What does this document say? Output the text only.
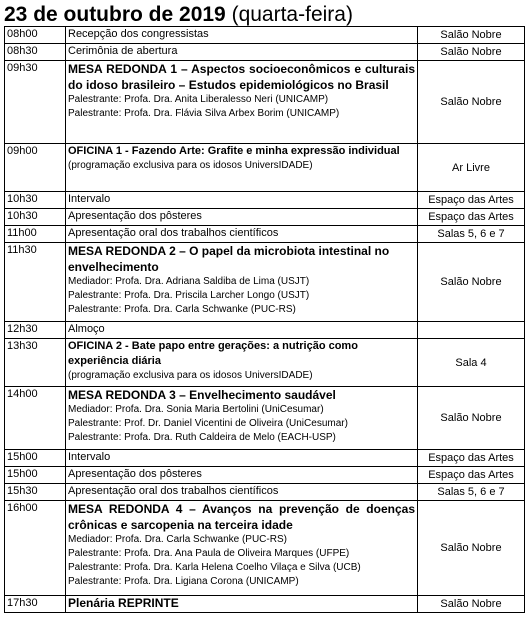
23 de outubro de 2019 (quarta-feira)
08h00	Recepção dos congressistas	Salão Nobre
08h30	Cerimônia de abertura	Salão Nobre
09h30	MESA REDONDA 1 – Aspectos socioeconômicos e culturais do idoso brasileiro – Estudos epidemiológicos no Brasil
Palestrante: Profa. Dra. Anita Liberalesso Neri (UNICAMP)
Palestrante: Profa. Dra. Flávia Silva Arbex Borim (UNICAMP)	Salão Nobre
09h00	OFICINA 1 - Fazendo Arte: Grafite e minha expressão individual
(programação exclusiva para os idosos UniversIDADE)	Ar Livre
10h30	Intervalo	Espaço das Artes
10h30	Apresentação dos pôsteres	Espaço das Artes
11h00	Apresentação oral dos trabalhos científicos	Salas 5, 6 e 7
11h30	MESA REDONDA 2 – O papel da microbiota intestinal no envelhecimento
Mediador: Profa. Dra. Adriana Saldiba de Lima (USJT)
Palestrante: Profa. Dra. Priscila Larcher Longo (USJT)
Palestrante: Profa. Dra. Carla Schwanke (PUC-RS)	Salão Nobre
12h30	Almoço	
13h30	OFICINA 2 - Bate papo entre gerações: a nutrição como experiência diária
(programação exclusiva para os idosos UniversIDADE)	Sala 4
14h00	MESA REDONDA 3 – Envelhecimento saudável
Mediador: Profa. Dra. Sonia Maria Bertolini (UniCesumar)
Palestrante: Prof. Dr. Daniel Vicentini de Oliveira (UniCesumar)
Palestrante: Profa. Dra. Ruth Caldeira de Melo (EACH-USP)	Salão Nobre
15h00	Intervalo	Espaço das Artes
15h00	Apresentação dos pôsteres	Espaço das Artes
15h30	Apresentação oral dos trabalhos científicos	Salas 5, 6 e 7
16h00	MESA REDONDA 4 – Avanços na prevenção de doenças crônicas e sarcopenia na terceira idade
Mediador: Profa. Dra. Carla Schwanke (PUC-RS)
Palestrante: Profa. Dra. Ana Paula de Oliveira Marques (UFPE)
Palestrante: Profa. Dra. Karla Helena Coelho Vilaça e Silva (UCB)
Palestrante: Profa. Dra. Ligiana Corona (UNICAMP)	Salão Nobre
17h30	Plenária REPRINTE	Salão Nobre
